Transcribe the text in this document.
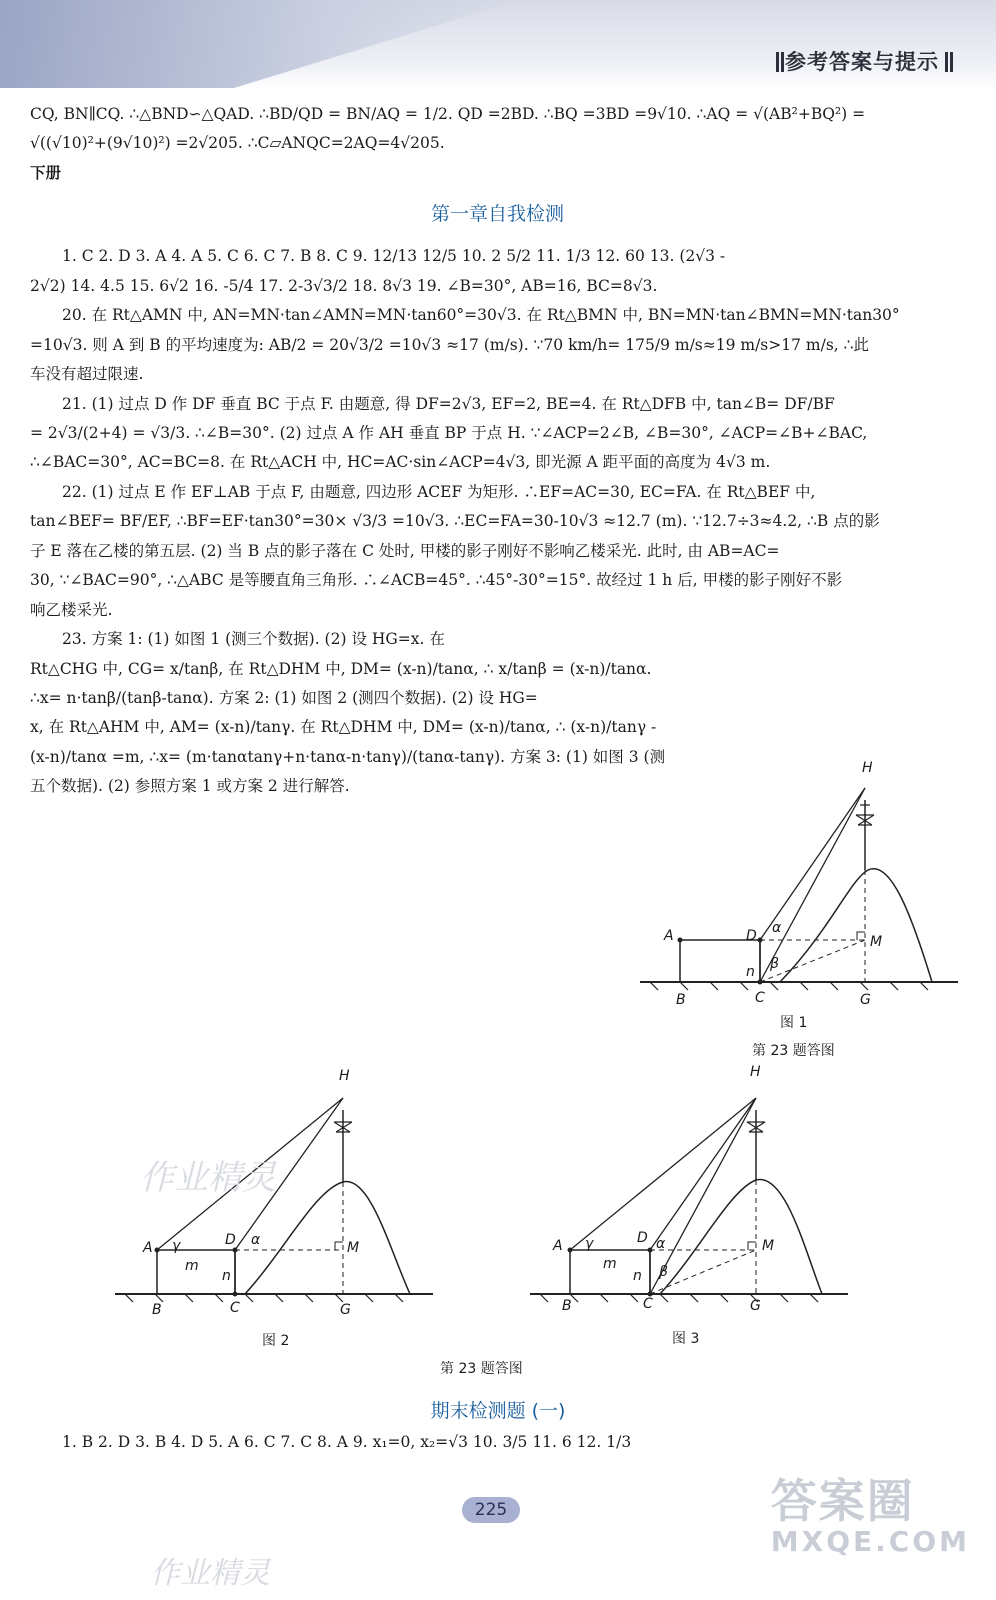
参考答案与提示

CQ, BN∥CQ. ∴△BND∽△QAD. ∴BD/QD = BN/AQ = 1/2. QD =2BD. ∴BQ =3BD =9√10. ∴AQ = √(AB²+BQ²) =

√((√10)²+(9√10)²) =2√205. ∴C▱ANQC=2AQ=4√205.

下册

第一章自我检测

1. C 2. D 3. A 4. A 5. C 6. C 7. B 8. C 9. 12/13 12/5 10. 2 5/2 11. 1/3 12. 60 13. (2√3 -

2√2) 14. 4.5 15. 6√2 16. -5/4 17. 2-3√3/2 18. 8√3 19. ∠B=30°, AB=16, BC=8√3.

20. 在 Rt△AMN 中, AN=MN·tan∠AMN=MN·tan60°=30√3. 在 Rt△BMN 中, BN=MN·tan∠BMN=MN·tan30°

=10√3. 则 A 到 B 的平均速度为: AB/2 = 20√3/2 =10√3 ≈17 (m/s). ∵70 km/h= 175/9 m/s≈19 m/s>17 m/s, ∴此

车没有超过限速.

21. (1) 过点 D 作 DF 垂直 BC 于点 F. 由题意, 得 DF=2√3, EF=2, BE=4. 在 Rt△DFB 中, tan∠B= DF/BF

= 2√3/(2+4) = √3/3. ∴∠B=30°. (2) 过点 A 作 AH 垂直 BP 于点 H. ∵∠ACP=2∠B, ∠B=30°, ∠ACP=∠B+∠BAC,

∴∠BAC=30°, AC=BC=8. 在 Rt△ACH 中, HC=AC·sin∠ACP=4√3, 即光源 A 距平面的高度为 4√3 m.

22. (1) 过点 E 作 EF⊥AB 于点 F, 由题意, 四边形 ACEF 为矩形. ∴EF=AC=30, EC=FA. 在 Rt△BEF 中,

tan∠BEF= BF/EF, ∴BF=EF·tan30°=30× √3/3 =10√3. ∴EC=FA=30-10√3 ≈12.7 (m). ∵12.7÷3≈4.2, ∴B 点的影

子 E 落在乙楼的第五层. (2) 当 B 点的影子落在 C 处时, 甲楼的影子刚好不影响乙楼采光. 此时, 由 AB=AC=

30, ∵∠BAC=90°, ∴△ABC 是等腰直角三角形. ∴∠ACB=45°. ∴45°-30°=15°. 故经过 1 h 后, 甲楼的影子刚好不影

响乙楼采光.

23. 方案 1: (1) 如图 1 (测三个数据). (2) 设 HG=x. 在

Rt△CHG 中, CG= x/tanβ, 在 Rt△DHM 中, DM= (x-n)/tanα, ∴ x/tanβ = (x-n)/tanα.

∴x= n·tanβ/(tanβ-tanα). 方案 2: (1) 如图 2 (测四个数据). (2) 设 HG=

x, 在 Rt△AHM 中, AM= (x-n)/tanγ. 在 Rt△DHM 中, DM= (x-n)/tanα, ∴ (x-n)/tanγ -

(x-n)/tanα =m, ∴x= (m·tanαtanγ+n·tanα-n·tanγ)/(tanα-tanγ). 方案 3: (1) 如图 3 (测

五个数据). (2) 参照方案 1 或方案 2 进行解答.

H
A	D	M
α
β
n
B	C	G
图 1
第 23 题答图
H
A γ	D α	M
m
n
B	C	G
图 2
H
A γ	D α	M
m
n β
B	C	G
图 3
第 23 题答图
期末检测题 (一)

1. B 2. D 3. B 4. D 5. A 6. C 7. C 8. A 9. x₁=0, x₂=√3 10. 3/5 11. 6 12. 1/3

作业精灵
225	答案圈
MXQE.COM
作业精灵
